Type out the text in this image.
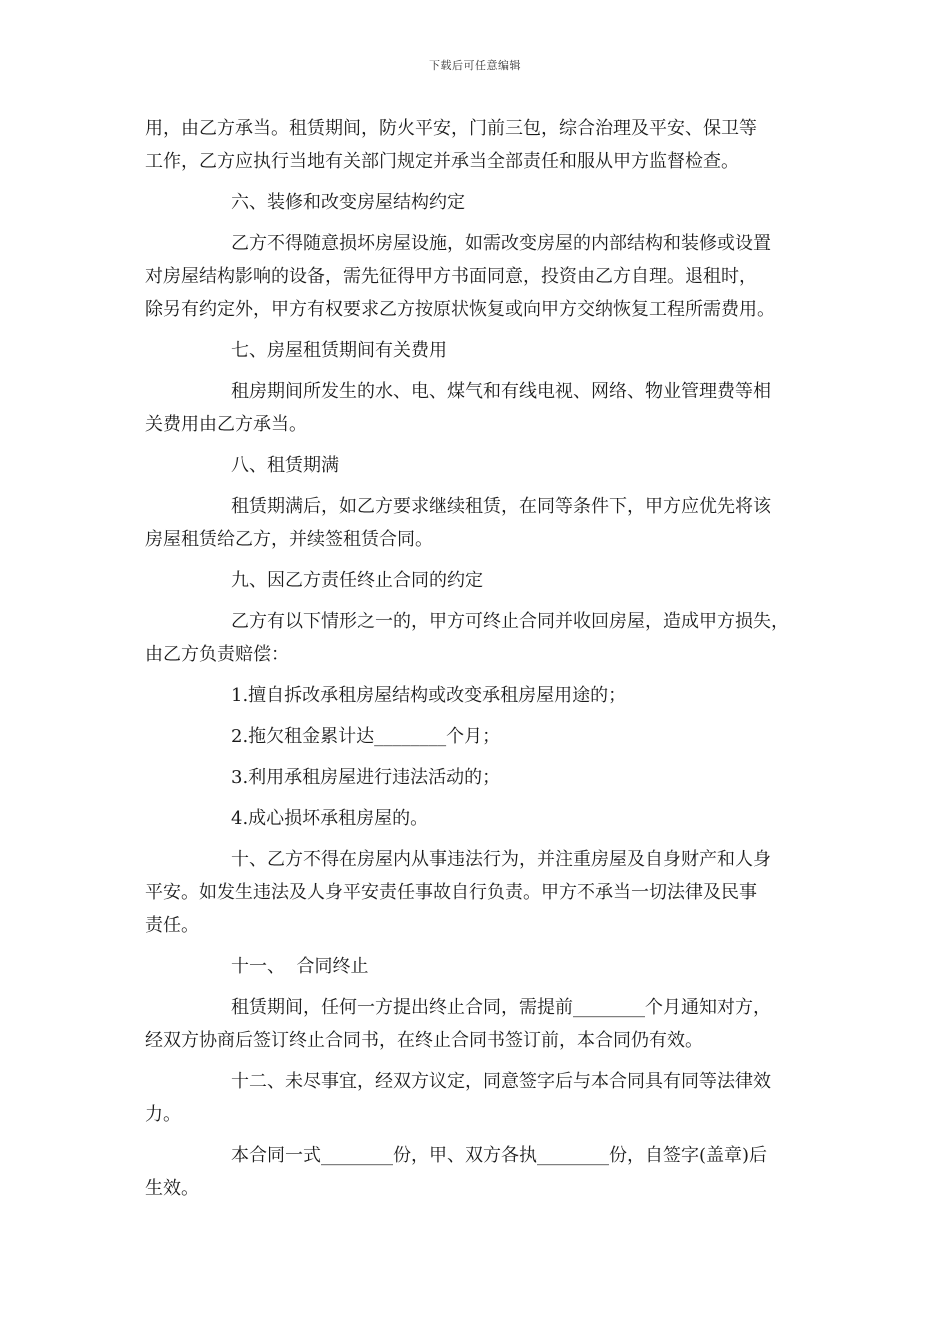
下载后可任意编辑
用，由乙方承当。租赁期间，防火平安，门前三包，综合治理及平安、保卫等
工作，乙方应执行当地有关部门规定并承当全部责任和服从甲方监督检查。
六、装修和改变房屋结构约定
乙方不得随意损坏房屋设施，如需改变房屋的内部结构和装修或设置
对房屋结构影响的设备，需先征得甲方书面同意，投资由乙方自理。退租时，
除另有约定外，甲方有权要求乙方按原状恢复或向甲方交纳恢复工程所需费用。
七、房屋租赁期间有关费用
租房期间所发生的水、电、煤气和有线电视、网络、物业管理费等相
关费用由乙方承当。
八、租赁期满
租赁期满后，如乙方要求继续租赁，在同等条件下，甲方应优先将该
房屋租赁给乙方，并续签租赁合同。
九、因乙方责任终止合同的约定
乙方有以下情形之一的，甲方可终止合同并收回房屋，造成甲方损失，
由乙方负责赔偿：
1.擅自拆改承租房屋结构或改变承租房屋用途的；
2.拖欠租金累计达________个月；
3.利用承租房屋进行违法活动的；
4.成心损坏承租房屋的。
十、乙方不得在房屋内从事违法行为，并注重房屋及自身财产和人身
平安。如发生违法及人身平安责任事故自行负责。甲方不承当一切法律及民事
责任。
十一、  合同终止
租赁期间，任何一方提出终止合同，需提前________个月通知对方，
经双方协商后签订终止合同书，在终止合同书签订前，本合同仍有效。
十二、未尽事宜，经双方议定，同意签字后与本合同具有同等法律效
力。
本合同一式________份，甲、双方各执________份，自签字(盖章)后
生效。
